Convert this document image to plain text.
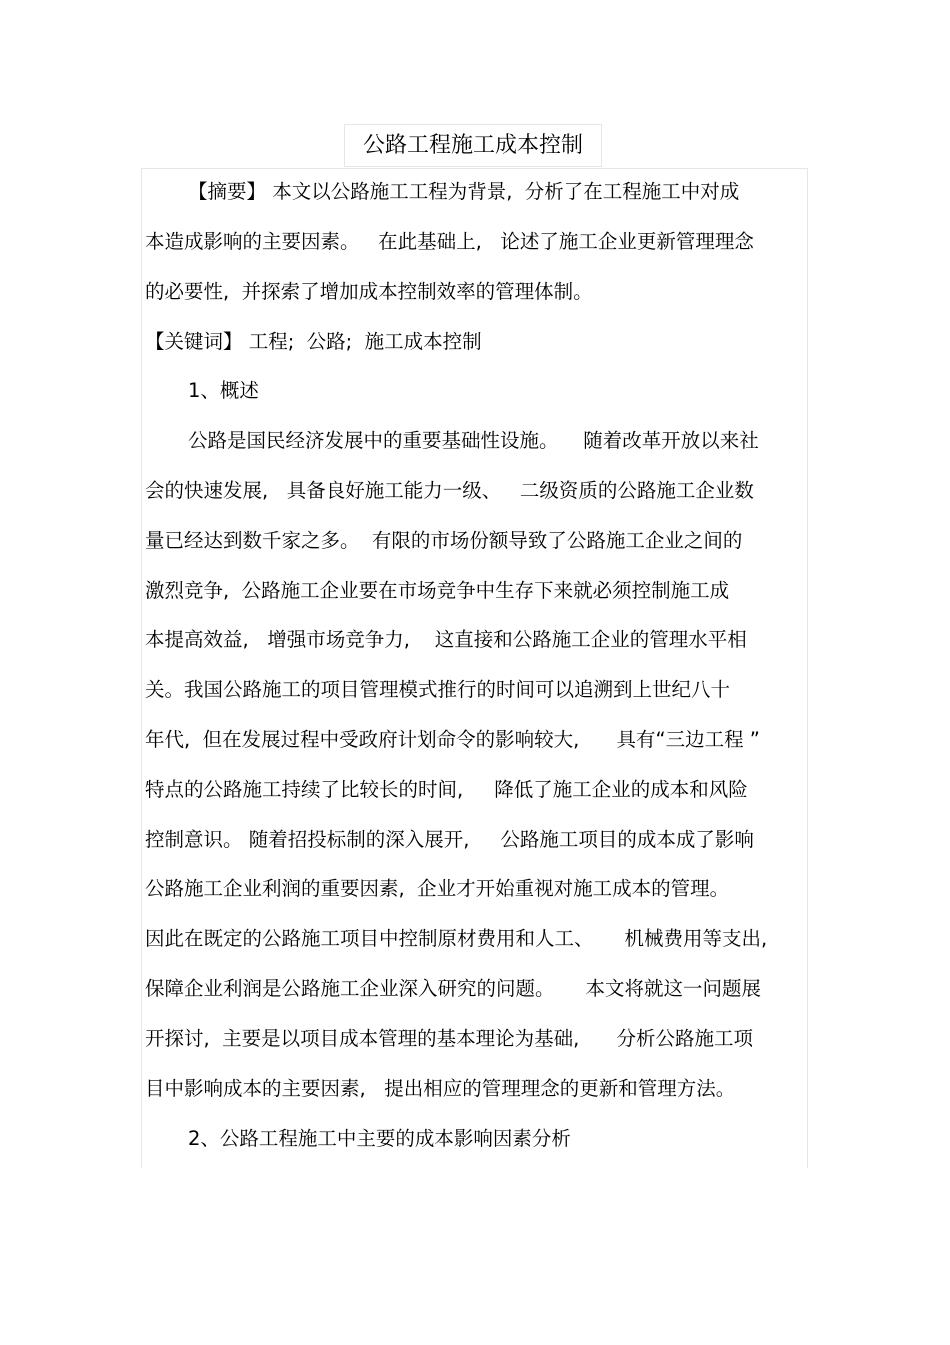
公路工程施工成本控制
【摘要】 本文以公路施工工程为背景,  分析了在工程施工中对成
本造成影响的主要因素。   在此基础上,   论述了施工企业更新管理理念
的必要性,  并探索了增加成本控制效率的管理体制。
【关键词】 工程;  公路;  施工成本控制
1、概述
公路是国民经济发展中的重要基础性设施。    随着改革开放以来社
会的快速发展,   具备良好施工能力一级、   二级资质的公路施工企业数
量已经达到数千家之多。  有限的市场份额导致了公路施工企业之间的
激烈竞争,  公路施工企业要在市场竞争中生存下来就必须控制施工成
本提高效益,   增强市场竞争力,    这直接和公路施工企业的管理水平相
关。我国公路施工的项目管理模式推行的时间可以追溯到上世纪八十
年代,  但在发展过程中受政府计划命令的影响较大,      具有“三边工程 ”
特点的公路施工持续了比较长的时间,     降低了施工企业的成本和风险
控制意识。 随着招投标制的深入展开,     公路施工项目的成本成了影响
公路施工企业利润的重要因素,  企业才开始重视对施工成本的管理。
因此在既定的公路施工项目中控制原材费用和人工、     机械费用等支出,
保障企业利润是公路施工企业深入研究的问题。     本文将就这一问题展
开探讨,  主要是以项目成本管理的基本理论为基础,      分析公路施工项
目中影响成本的主要因素,   提出相应的管理理念的更新和管理方法。
2、公路工程施工中主要的成本影响因素分析
